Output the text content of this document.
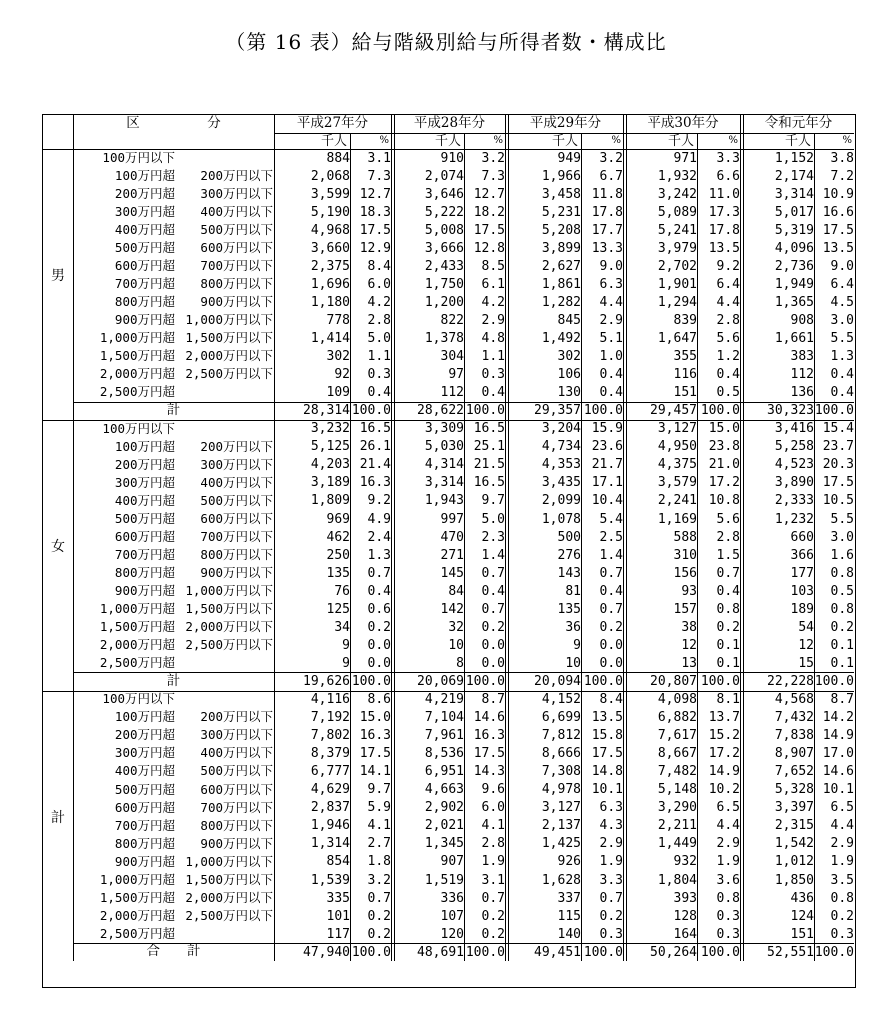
（第 16 表）給与階級別給与所得者数・構成比
区　　　　　分	平成27年分	平成28年分	平成29年分	平成30年分	令和元年分
千人	%	千人	%	千人	%	千人	%	千人	%
男
100万円以下	884	3.1	910	3.2	949	3.2	971	3.3	1,152	3.8
100万円超	200万円以下	2,068	7.3	2,074	7.3	1,966	6.7	1,932	6.6	2,174	7.2
200万円超	300万円以下	3,599 12.7	3,646 12.7	3,458 11.8	3,242 11.0	3,314 10.9
300万円超	400万円以下	5,190 18.3	5,222 18.2	5,231 17.8	5,089 17.3	5,017 16.6
400万円超	500万円以下	4,968 17.5	5,008 17.5	5,208 17.7	5,241 17.8	5,319 17.5
500万円超	600万円以下	3,660 12.9	3,666 12.8	3,899 13.3	3,979 13.5	4,096 13.5
600万円超	700万円以下	2,375	8.4	2,433	8.5	2,627	9.0	2,702	9.2	2,736	9.0
700万円超	800万円以下	1,696	6.0	1,750	6.1	1,861	6.3	1,901	6.4	1,949	6.4
800万円超	900万円以下	1,180	4.2	1,200	4.2	1,282	4.4	1,294	4.4	1,365	4.5
900万円超 1,000万円以下	778	2.8	822	2.9	845	2.9	839	2.8	908	3.0
1,000万円超 1,500万円以下	1,414	5.0	1,378	4.8	1,492	5.1	1,647	5.6	1,661	5.5
1,500万円超 2,000万円以下	302	1.1	304	1.1	302	1.0	355	1.2	383	1.3
2,000万円超 2,500万円以下	92	0.3	97	0.3	106	0.4	116	0.4	112	0.4
2,500万円超	109	0.4	112	0.4	130	0.4	151	0.5	136	0.4
計	28,314 100.0	28,622 100.0	29,357 100.0	29,457 100.0	30,323 100.0
女
100万円以下	3,232 16.5	3,309 16.5	3,204 15.9	3,127 15.0	3,416 15.4
100万円超	200万円以下	5,125 26.1	5,030 25.1	4,734 23.6	4,950 23.8	5,258 23.7
200万円超	300万円以下	4,203 21.4	4,314 21.5	4,353 21.7	4,375 21.0	4,523 20.3
300万円超	400万円以下	3,189 16.3	3,314 16.5	3,435 17.1	3,579 17.2	3,890 17.5
400万円超	500万円以下	1,809	9.2	1,943	9.7	2,099 10.4	2,241 10.8	2,333 10.5
500万円超	600万円以下	969	4.9	997	5.0	1,078	5.4	1,169	5.6	1,232	5.5
600万円超	700万円以下	462	2.4	470	2.3	500	2.5	588	2.8	660	3.0
700万円超	800万円以下	250	1.3	271	1.4	276	1.4	310	1.5	366	1.6
800万円超	900万円以下	135	0.7	145	0.7	143	0.7	156	0.7	177	0.8
900万円超 1,000万円以下	76	0.4	84	0.4	81	0.4	93	0.4	103	0.5
1,000万円超 1,500万円以下	125	0.6	142	0.7	135	0.7	157	0.8	189	0.8
1,500万円超 2,000万円以下	34	0.2	32	0.2	36	0.2	38	0.2	54	0.2
2,000万円超 2,500万円以下	9	0.0	10	0.0	9	0.0	12	0.1	12	0.1
2,500万円超	9	0.0	8	0.0	10	0.0	13	0.1	15	0.1
計	19,626 100.0	20,069 100.0	20,094 100.0	20,807 100.0	22,228 100.0
計
100万円以下	4,116	8.6	4,219	8.7	4,152	8.4	4,098	8.1	4,568	8.7
100万円超	200万円以下	7,192 15.0	7,104 14.6	6,699 13.5	6,882 13.7	7,432 14.2
200万円超	300万円以下	7,802 16.3	7,961 16.3	7,812 15.8	7,617 15.2	7,838 14.9
300万円超	400万円以下	8,379 17.5	8,536 17.5	8,666 17.5	8,667 17.2	8,907 17.0
400万円超	500万円以下	6,777 14.1	6,951 14.3	7,308 14.8	7,482 14.9	7,652 14.6
500万円超	600万円以下	4,629	9.7	4,663	9.6	4,978 10.1	5,148 10.2	5,328 10.1
600万円超	700万円以下	2,837	5.9	2,902	6.0	3,127	6.3	3,290	6.5	3,397	6.5
700万円超	800万円以下	1,946	4.1	2,021	4.1	2,137	4.3	2,211	4.4	2,315	4.4
800万円超	900万円以下	1,314	2.7	1,345	2.8	1,425	2.9	1,449	2.9	1,542	2.9
900万円超 1,000万円以下	854	1.8	907	1.9	926	1.9	932	1.9	1,012	1.9
1,000万円超 1,500万円以下	1,539	3.2	1,519	3.1	1,628	3.3	1,804	3.6	1,850	3.5
1,500万円超 2,000万円以下	335	0.7	336	0.7	337	0.7	393	0.8	436	0.8
2,000万円超 2,500万円以下	101	0.2	107	0.2	115	0.2	128	0.3	124	0.2
2,500万円超	117	0.2	120	0.2	140	0.3	164	0.3	151	0.3
合　　計	47,940 100.0	48,691 100.0	49,451 100.0	50,264 100.0	52,551 100.0
